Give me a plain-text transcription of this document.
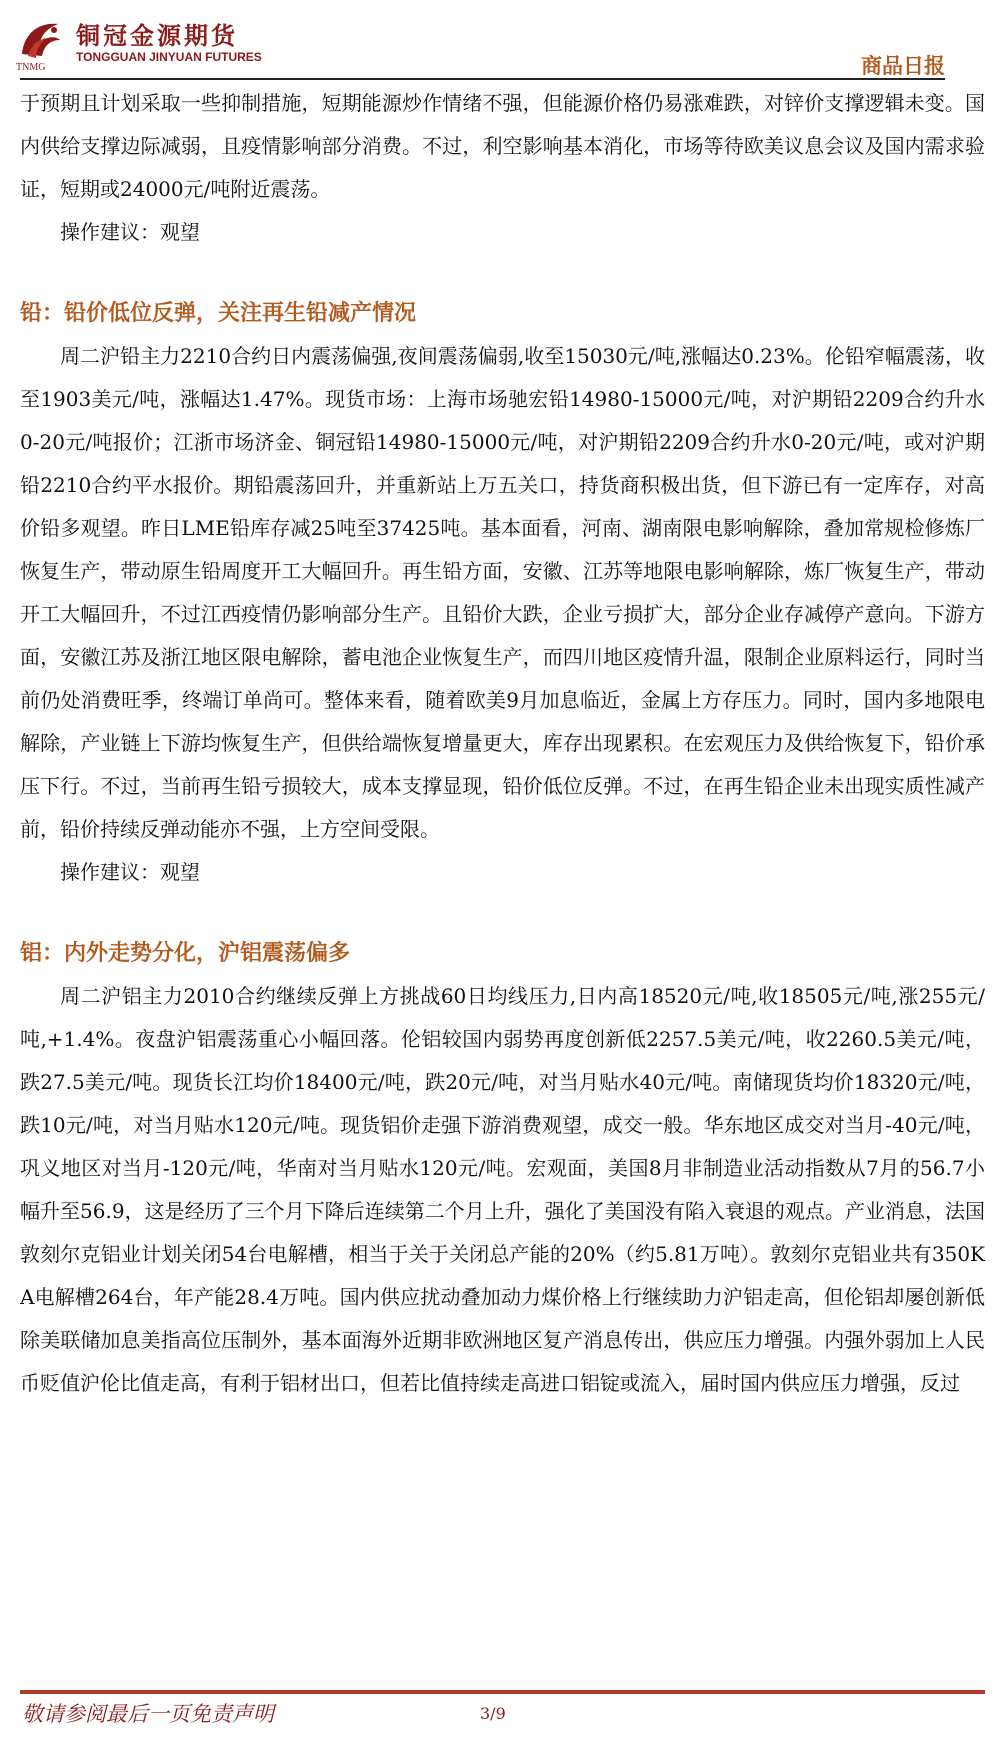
铜冠金源期货
TONGGUAN JINYUAN FUTURES
TNMG	商品日报

于预期且计划采取一些抑制措施，短期能源炒作情绪不强，但能源价格仍易涨难跌，对锌价支撑逻辑未变。国内供给支撑边际减弱，且疫情影响部分消费。不过，利空影响基本消化，市场等待欧美议息会议及国内需求验证，短期或24000元/吨附近震荡。

操作建议：观望

铅：铅价低位反弹，关注再生铅减产情况

周二沪铅主力2210合约日内震荡偏强,夜间震荡偏弱,收至15030元/吨,涨幅达0.23%。伦铅窄幅震荡，收至1903美元/吨，涨幅达1.47%。现货市场：上海市场驰宏铅14980-15000元/吨，对沪期铅2209合约升水0-20元/吨报价；江浙市场济金、铜冠铅14980-15000元/吨，对沪期铅2209合约升水0-20元/吨，或对沪期铅2210合约平水报价。期铅震荡回升，并重新站上万五关口，持货商积极出货，但下游已有一定库存，对高价铅多观望。昨日LME铅库存减25吨至37425吨。基本面看，河南、湖南限电影响解除，叠加常规检修炼厂恢复生产，带动原生铅周度开工大幅回升。再生铅方面，安徽、江苏等地限电影响解除，炼厂恢复生产，带动开工大幅回升，不过江西疫情仍影响部分生产。且铅价大跌，企业亏损扩大，部分企业存减停产意向。下游方面，安徽江苏及浙江地区限电解除，蓄电池企业恢复生产，而四川地区疫情升温，限制企业原料运行，同时当前仍处消费旺季，终端订单尚可。整体来看，随着欧美9月加息临近，金属上方存压力。同时，国内多地限电解除，产业链上下游均恢复生产，但供给端恢复增量更大，库存出现累积。在宏观压力及供给恢复下，铅价承压下行。不过，当前再生铅亏损较大，成本支撑显现，铅价低位反弹。不过，在再生铅企业未出现实质性减产前，铅价持续反弹动能亦不强，上方空间受限。

操作建议：观望

铝：内外走势分化，沪铝震荡偏多

周二沪铝主力2010合约继续反弹上方挑战60日均线压力,日内高18520元/吨,收18505元/吨,涨255元/吨,+1.4%。夜盘沪铝震荡重心小幅回落。伦铝较国内弱势再度创新低2257.5美元/吨，收2260.5美元/吨，跌27.5美元/吨。现货长江均价18400元/吨，跌20元/吨，对当月贴水40元/吨。南储现货均价18320元/吨，跌10元/吨，对当月贴水120元/吨。现货铝价走强下游消费观望，成交一般。华东地区成交对当月-40元/吨，巩义地区对当月-120元/吨，华南对当月贴水120元/吨。宏观面，美国8月非制造业活动指数从7月的56.7小幅升至56.9，这是经历了三个月下降后连续第二个月上升，强化了美国没有陷入衰退的观点。产业消息，法国敦刻尔克铝业计划关闭54台电解槽，相当于关于关闭总产能的20%（约5.81万吨）。敦刻尔克铝业共有350KA电解槽264台，年产能28.4万吨。国内供应扰动叠加动力煤价格上行继续助力沪铝走高，但伦铝却屡创新低除美联储加息美指高位压制外，基本面海外近期非欧洲地区复产消息传出，供应压力增强。内强外弱加上人民币贬值沪伦比值走高，有利于铝材出口，但若比值持续走高进口铝锭或流入，届时国内供应压力增强，反过

敬请参阅最后一页免责声明	3/9
